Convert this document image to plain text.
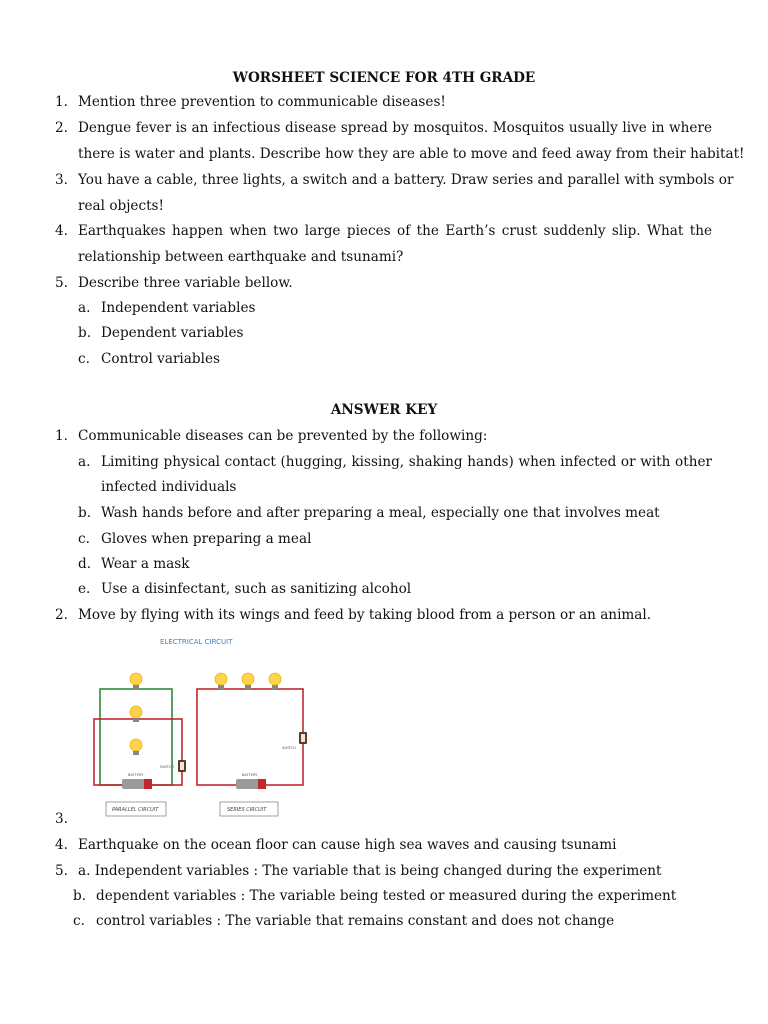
WORSHEET SCIENCE FOR 4TH GRADE
1. Mention three prevention to communicable diseases!
2. Dengue fever is an infectious disease spread by mosquitos. Mosquitos usually live in where
there is water and plants. Describe how they are able to move and feed away from their habitat!
3. You have a cable, three lights, a switch and a battery. Draw series and parallel with symbols or
real objects!
4. Earthquakes happen when two large pieces of the Earth’s crust suddenly slip. What the
relationship between earthquake and tsunami?
5. Describe three variable bellow.
a. Independent variables
b. Dependent variables
c. Control variables
ANSWER KEY
1. Communicable diseases can be prevented by the following:
a. Limiting physical contact (hugging, kissing, shaking hands) when infected or with other
infected individuals
b. Wash hands before and after preparing a meal, especially one that involves meat
c. Gloves when preparing a meal
d. Wear a mask
e. Use a disinfectant, such as sanitizing alcohol
2. Move by flying with its wings and feed by taking blood from a person or an animal.
ELECTRICAL CIRCUIT
BATTERY
SWITCH
PARALLEL CIRCUIT
BATTERY
SWITCH
SERIES CIRCUIT
3.
4. Earthquake on the ocean floor can cause high sea waves and causing tsunami
5. a. Independent variables : The variable that is being changed during the experiment
b. dependent variables : The variable being tested or measured during the experiment
c. control variables : The variable that remains constant and does not change
